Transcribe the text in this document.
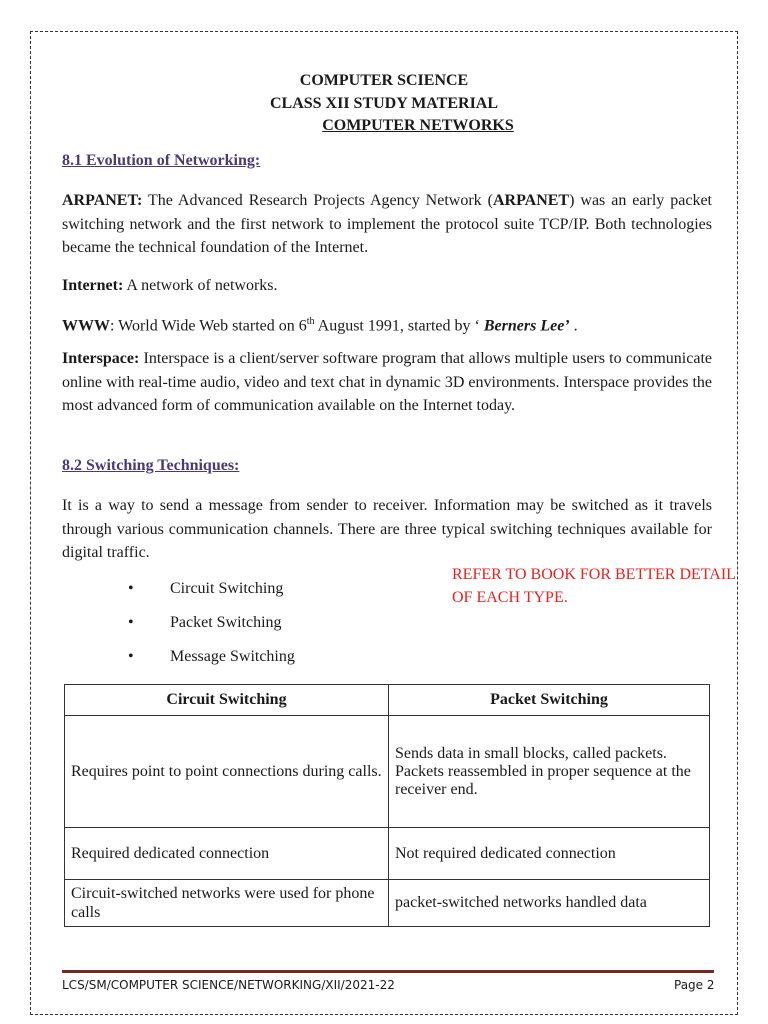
COMPUTER SCIENCE
CLASS XII STUDY MATERIAL
COMPUTER NETWORKS
8.1 Evolution of Networking:

ARPANET: The Advanced Research Projects Agency Network (ARPANET) was an early packet switching network and the first network to implement the protocol suite TCP/IP. Both technologies became the technical foundation of the Internet.

Internet: A network of networks.

WWW: World Wide Web started on 6th August 1991, started by ‘ Berners Lee’ .

Interspace: Interspace is a client/server software program that allows multiple users to communicate online with real-time audio, video and text chat in dynamic 3D environments. Interspace provides the most advanced form of communication available on the Internet today.

8.2 Switching Techniques:

It is a way to send a message from sender to receiver. Information may be switched as it travels through various communication channels. There are three typical switching techniques available for digital traffic.

• Circuit Switching
• Packet Switching
• Message Switching
REFER TO BOOK FOR BETTER DETAIL OF EACH TYPE.
Circuit Switching	Packet Switching
Requires point to point connections during calls.	Sends data in small blocks, called packets. Packets reassembled in proper sequence at the receiver end.
Required dedicated connection	Not required dedicated connection
Circuit-switched networks were used for phone calls	packet-switched networks handled data
LCS/SM/COMPUTER SCIENCE/NETWORKING/XII/2021-22	Page 2
